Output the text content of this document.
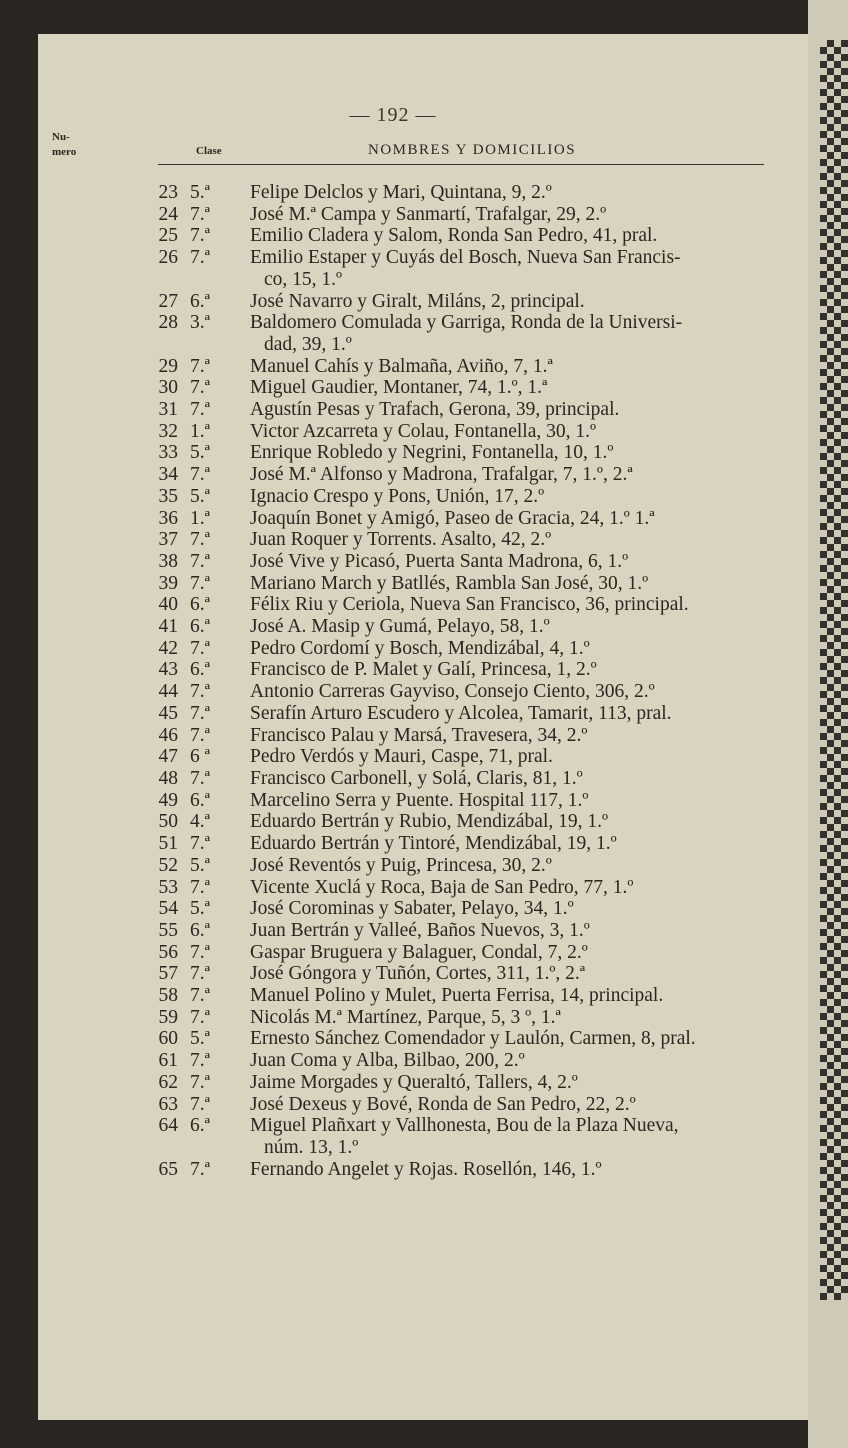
— 192 —
Nu-
mero	Clase	NOMBRES Y DOMICILIOS
23 5.ª	Felipe Delclos y Mari, Quintana, 9, 2.º
24 7.ª	José M.ª Campa y Sanmartí, Trafalgar, 29, 2.º
25 7.ª	Emilio Cladera y Salom, Ronda San Pedro, 41, pral.
26 7.ª	Emilio Estaper y Cuyás del Bosch, Nueva San Francis-
co, 15, 1.º
27 6.ª	José Navarro y Giralt, Miláns, 2, principal.
28 3.ª	Baldomero Comulada y Garriga, Ronda de la Universi-
dad, 39, 1.º
29 7.ª	Manuel Cahís y Balmaña, Aviño, 7, 1.ª
30 7.ª	Miguel Gaudier, Montaner, 74, 1.º, 1.ª
31 7.ª	Agustín Pesas y Trafach, Gerona, 39, principal.
32 1.ª	Victor Azcarreta y Colau, Fontanella, 30, 1.º
33 5.ª	Enrique Robledo y Negrini, Fontanella, 10, 1.º
34 7.ª	José M.ª Alfonso y Madrona, Trafalgar, 7, 1.º, 2.ª
35 5.ª	Ignacio Crespo y Pons, Unión, 17, 2.º
36 1.ª	Joaquín Bonet y Amigó, Paseo de Gracia, 24, 1.º 1.ª
37 7.ª	Juan Roquer y Torrents. Asalto, 42, 2.º
38 7.ª	José Vive y Picasó, Puerta Santa Madrona, 6, 1.º
39 7.ª	Mariano March y Batllés, Rambla San José, 30, 1.º
40 6.ª	Félix Riu y Ceriola, Nueva San Francisco, 36, principal.
41 6.ª	José A. Masip y Gumá, Pelayo, 58, 1.º
42 7.ª	Pedro Cordomí y Bosch, Mendizábal, 4, 1.º
43 6.ª	Francisco de P. Malet y Galí, Princesa, 1, 2.º
44 7.ª	Antonio Carreras Gayviso, Consejo Ciento, 306, 2.º
45 7.ª	Serafín Arturo Escudero y Alcolea, Tamarit, 113, pral.
46 7.ª	Francisco Palau y Marsá, Travesera, 34, 2.º
47 6 ª	Pedro Verdós y Mauri, Caspe, 71, pral.
48 7.ª	Francisco Carbonell, y Solá, Claris, 81, 1.º
49 6.ª	Marcelino Serra y Puente. Hospital 117, 1.º
50 4.ª	Eduardo Bertrán y Rubio, Mendizábal, 19, 1.º
51 7.ª	Eduardo Bertrán y Tintoré, Mendizábal, 19, 1.º
52 5.ª	José Reventós y Puig, Princesa, 30, 2.º
53 7.ª	Vicente Xuclá y Roca, Baja de San Pedro, 77, 1.º
54 5.ª	José Corominas y Sabater, Pelayo, 34, 1.º
55 6.ª	Juan Bertrán y Valleé, Baños Nuevos, 3, 1.º
56 7.ª	Gaspar Bruguera y Balaguer, Condal, 7, 2.º
57 7.ª	José Góngora y Tuñón, Cortes, 311, 1.º, 2.ª
58 7.ª	Manuel Polino y Mulet, Puerta Ferrisa, 14, principal.
59 7.ª	Nicolás M.ª Martínez, Parque, 5, 3 º, 1.ª
60 5.ª	Ernesto Sánchez Comendador y Laulón, Carmen, 8, pral.
61 7.ª	Juan Coma y Alba, Bilbao, 200, 2.º
62 7.ª	Jaime Morgades y Queraltó, Tallers, 4, 2.º
63 7.ª	José Dexeus y Bové, Ronda de San Pedro, 22, 2.º
64 6.ª	Miguel Plañxart y Vallhonesta, Bou de la Plaza Nueva,
núm. 13, 1.º
65 7.ª	Fernando Angelet y Rojas. Rosellón, 146, 1.º
